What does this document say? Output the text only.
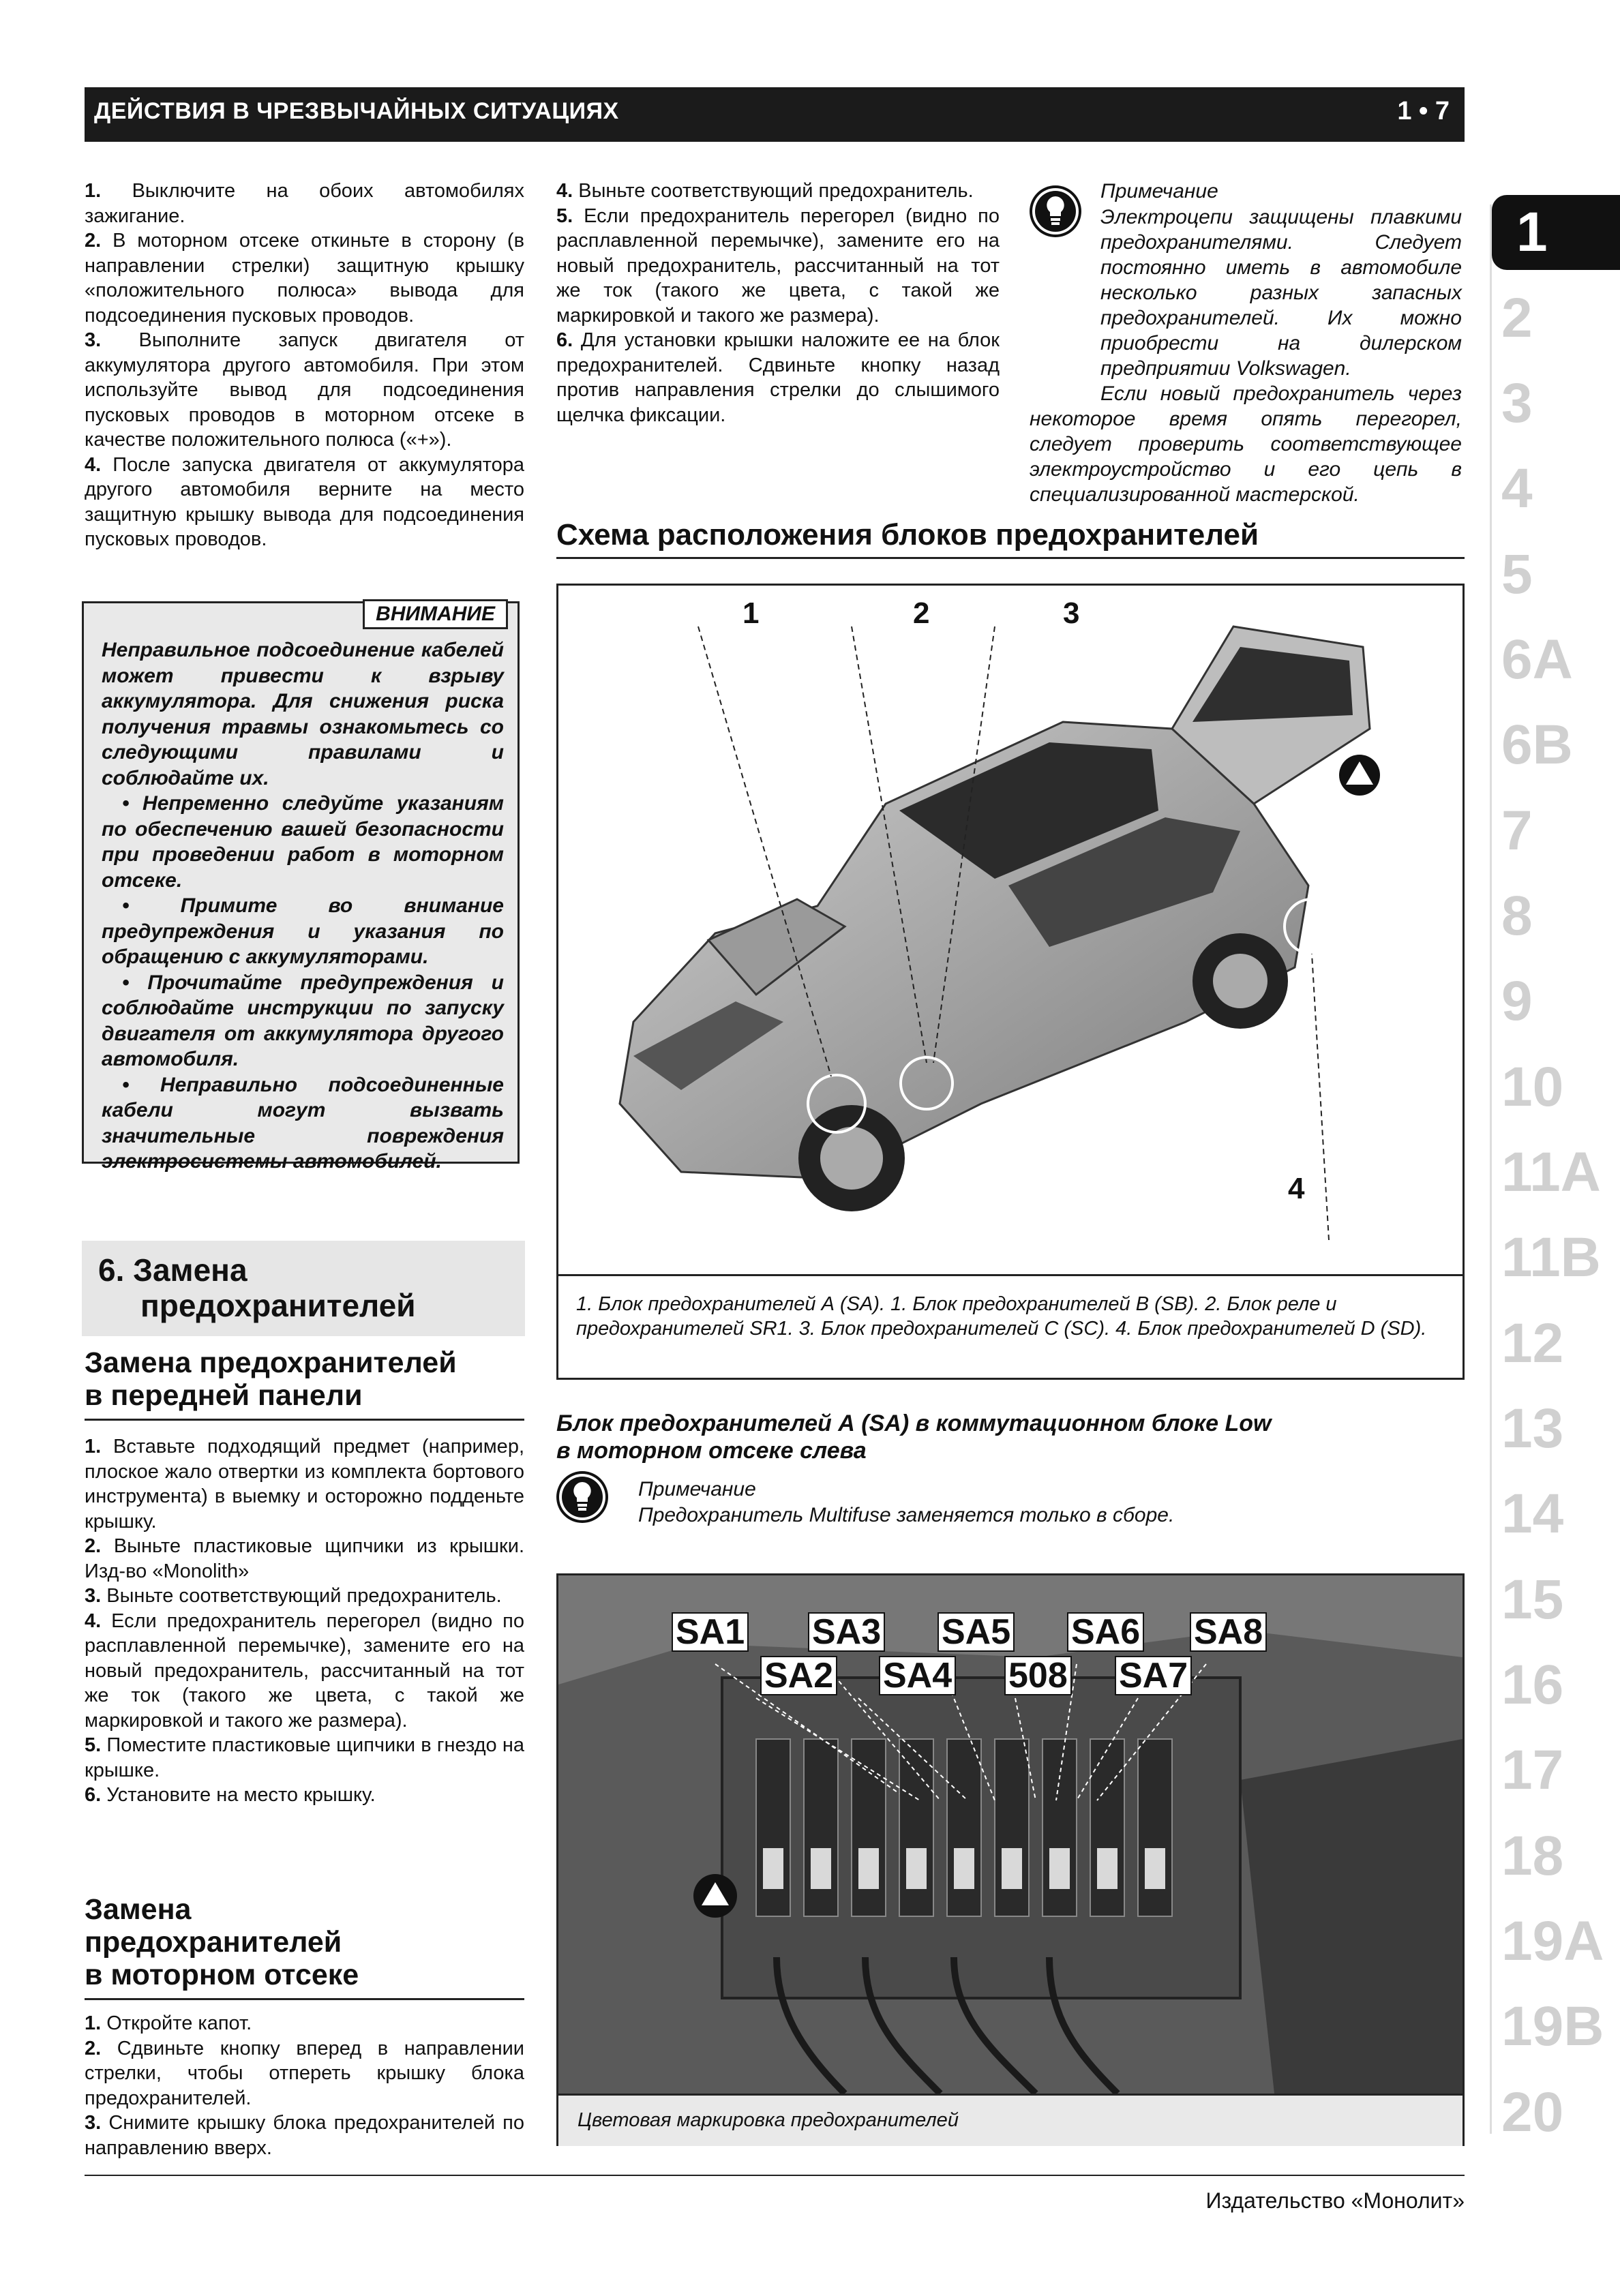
ДЕЙСТВИЯ В ЧРЕЗВЫЧАЙНЫХ СИТУАЦИЯХ	1 • 7

1. Выключите на обоих автомобилях зажигание.

2. В моторном отсеке откиньте в сторону (в направлении стрелки) защитную крышку «положительного полюса» вывода для подсоединения пусковых проводов.

3. Выполните запуск двигателя от аккумулятора другого автомобиля. При этом используйте вывод для подсоединения пусковых проводов в моторном отсеке в качестве положительного полюса («+»).

4. После запуска двигателя от аккумулятора другого автомобиля верните на место защитную крышку вывода для подсоединения пусковых проводов.

ВНИМАНИЕ

Неправильное подсоединение кабелей может привести к взрыву аккумулятора. Для снижения риска получения травмы ознакомьтесь со следующими правилами и соблюдайте их.

• Непременно следуйте указаниям по обеспечению вашей безопасности при проведении работ в моторном отсеке.

• Примите во внимание предупреждения и указания по обращению с аккумуляторами.

• Прочитайте предупреждения и соблюдайте инструкции по запуску двигателя от аккумулятора другого автомобиля.

• Неправильно подсоединенные кабели могут вызвать значительные повреждения электросистемы автомобилей.

6. Замена
предохранителей
Замена предохранителей
в передней панели

1. Вставьте подходящий предмет (например, плоское жало отвертки из комплекта бортового инструмента) в выемку и осторожно подденьте крышку.

2. Выньте пластиковые щипчики из крышки. Изд-во «Monolith»

3. Выньте соответствующий предохранитель.

4. Если предохранитель перегорел (видно по расплавленной перемычке), замените его на новый предохранитель, рассчитанный на тот же ток (такого же цвета, с такой же маркировкой и такого же размера).

5. Поместите пластиковые щипчики в гнездо на крышке.

6. Установите на место крышку.

Замена
предохранителей
в моторном отсеке

1. Откройте капот.

2. Сдвиньте кнопку вперед в направлении стрелки, чтобы отпереть крышку блока предохранителей.

3. Снимите крышку блока предохранителей по направлению вверх.

4. Выньте соответствующий предохранитель.

5. Если предохранитель перегорел (видно по расплавленной перемычке), замените его на новый предохранитель, рассчитанный на тот же ток (такого же цвета, с такой же маркировкой и такого же размера).

6. Для установки крышки наложите ее на блок предохранителей. Сдвиньте кнопку назад против направления стрелки до слышимого щелчка фиксации.

Примечание
Электроцепи защищены плавкими предохранителями. Следует постоянно иметь в автомобиле несколько разных запасных предохранителей. Их можно приобрести на дилерском предприятии Volkswagen.
Если новый предохранитель через некоторое время опять перегорел, следует проверить соответствующее электроустройство и его цепь в специализированной мастерской.
Схема расположения блоков предохранителей
1	2	3
4
1. Блок предохранителей А (SA). 1. Блок предохранителей В (SB). 2. Блок реле и предохранителей SR1. 3. Блок предохранителей С (SC). 4. Блок предохранителей D (SD).
Блок предохранителей А (SA) в коммутационном блоке Low
в моторном отсеке слева
Примечание
Предохранитель Multifuse заменяется только в сборе.
SA1 SA3 SA5 SA6 SA8
SA2 SA4 508 SA7
Цветовая маркировка предохранителей
1
2
3
4
5
6A
6B
7
8
9
10
11A
11B
12
13
14
15
16
17
18
19A
19B
20
Издательство «Монолит»
